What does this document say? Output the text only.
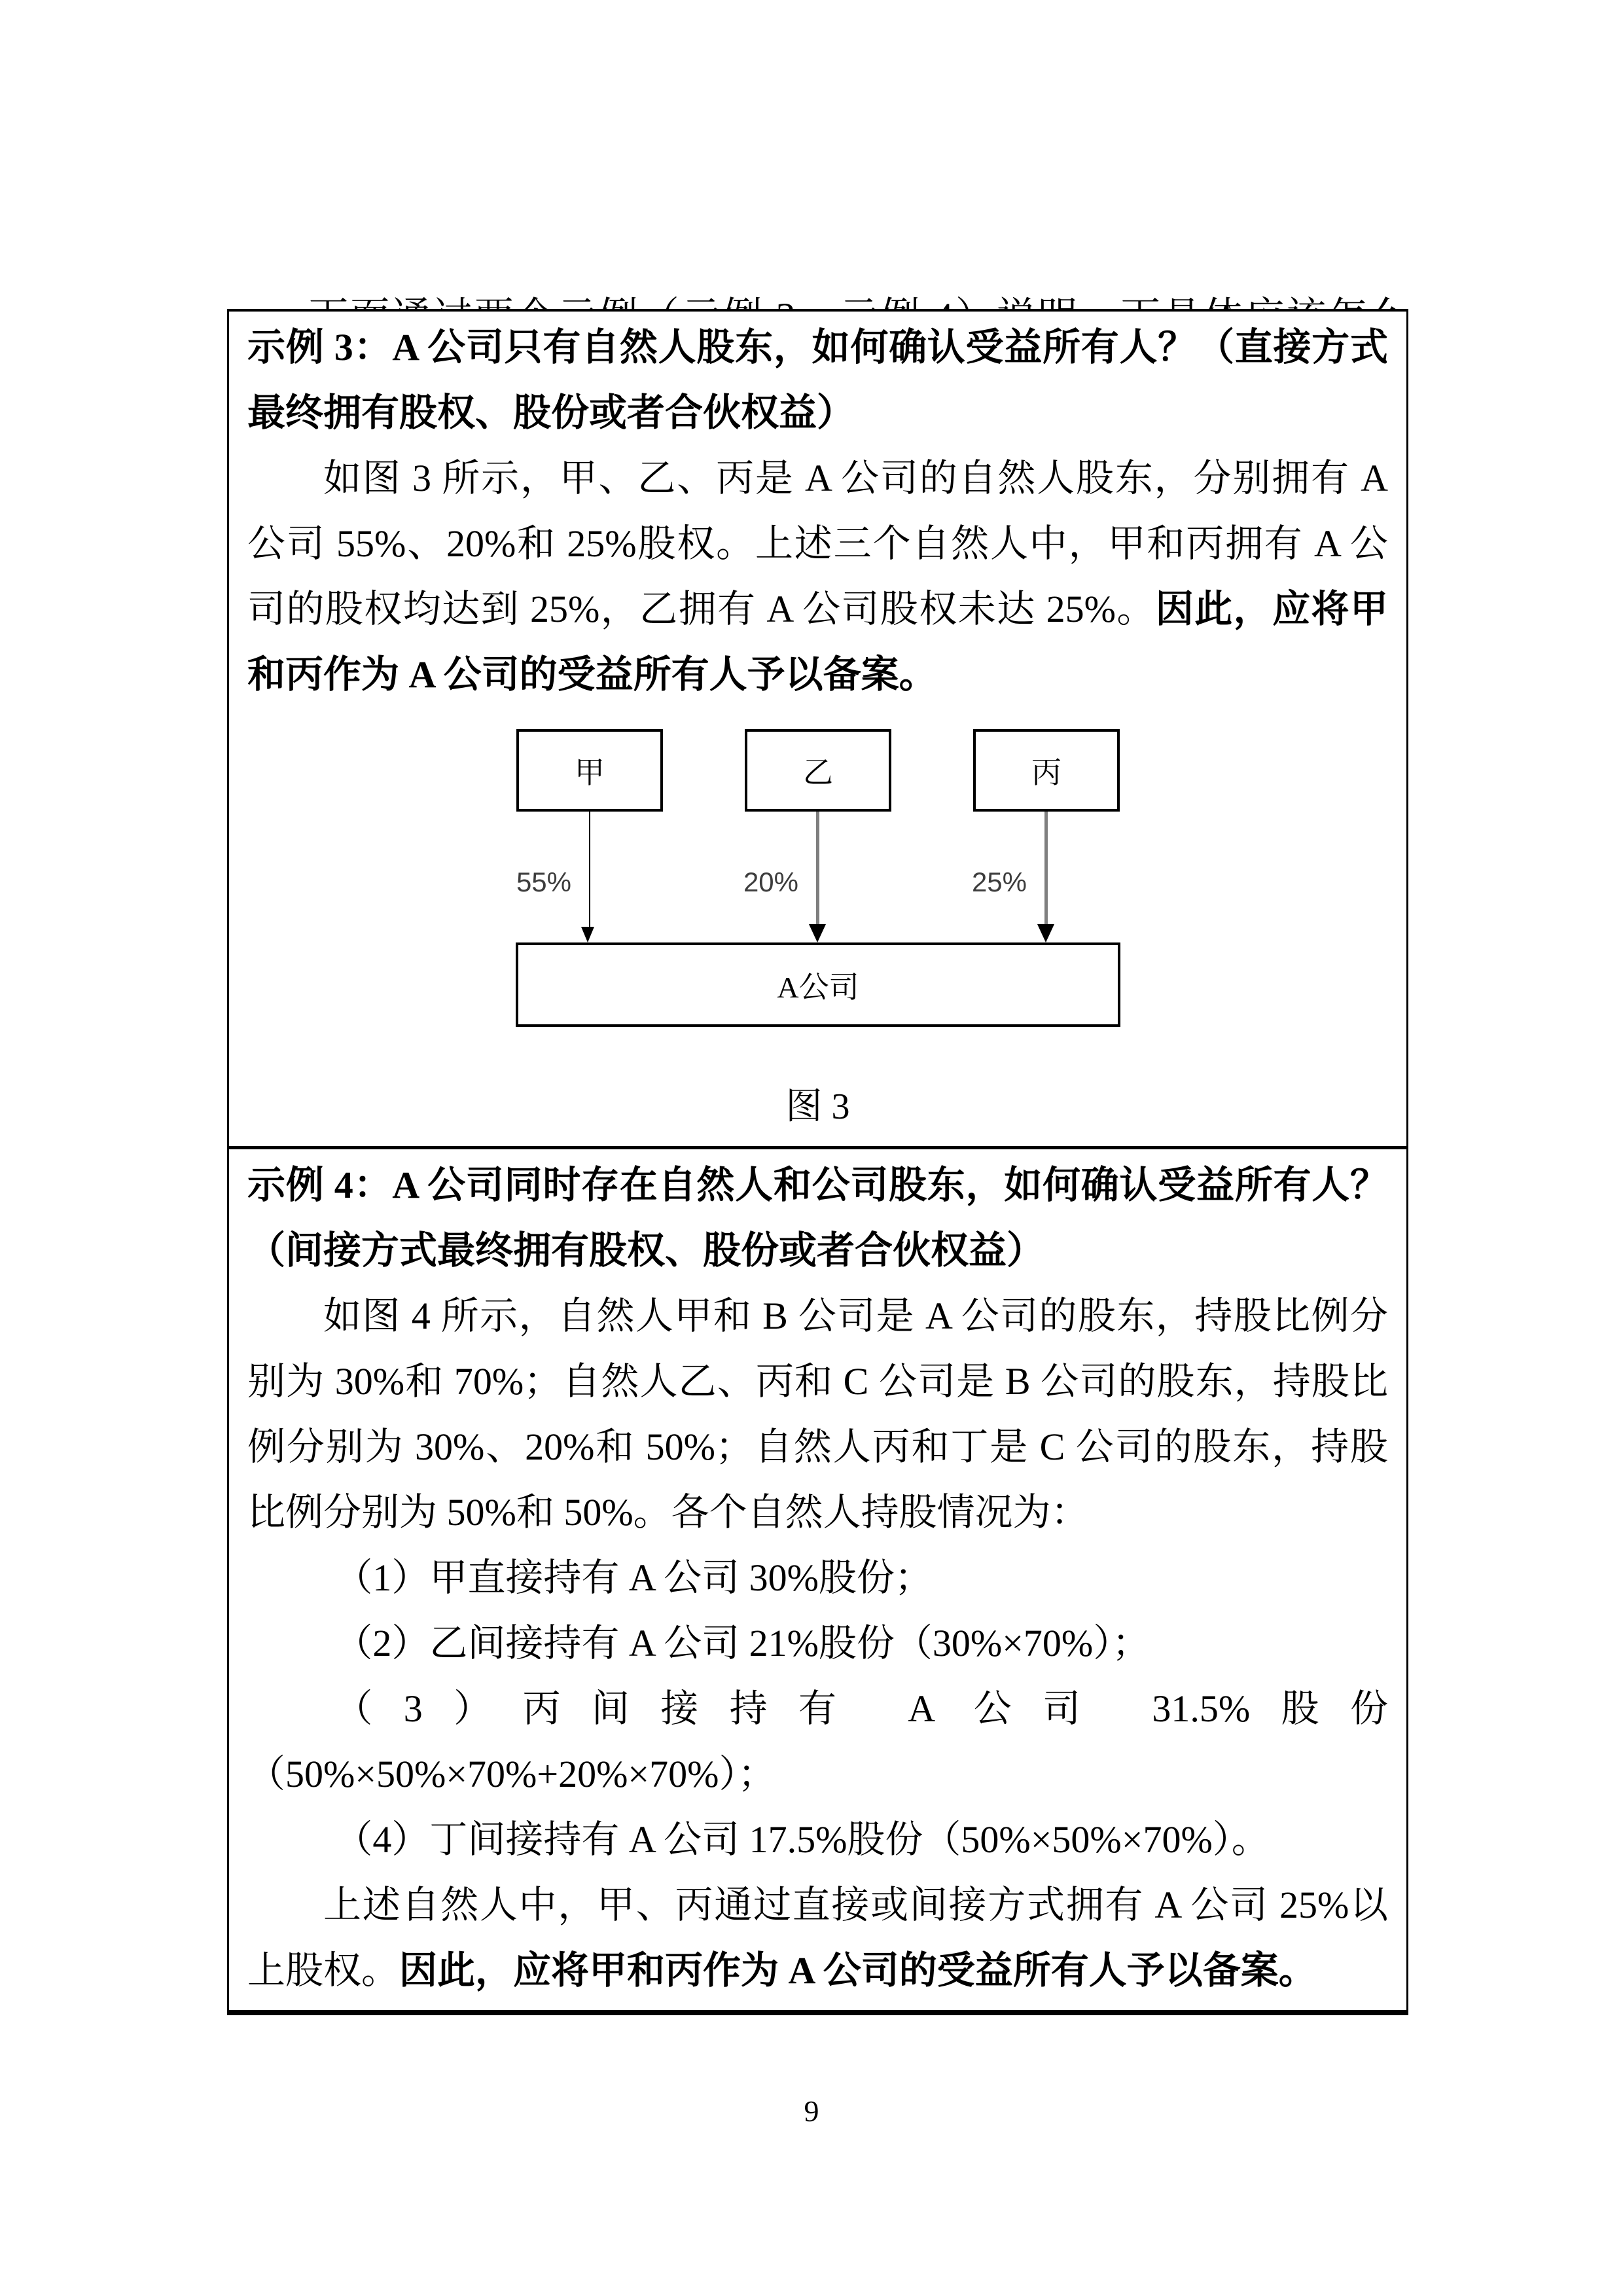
示例 3：A 公司只有自然人股东，如何确认受益所有人？（直接方式最终拥有股权、股份或者合伙权益）
如图 3 所示，甲、乙、丙是 A 公司的自然人股东，分别拥有 A 公司 55%、20%和 25%股权。上述三个自然人中，甲和丙拥有 A 公司的股权均达到 25%，乙拥有 A 公司股权未达 25%。因此，应将甲和丙作为 A 公司的受益所有人予以备案。
甲	乙	丙
55%	20%	25%
A公司
图 3
示例 4：A 公司同时存在自然人和公司股东，如何确认受益所有人？（间接方式最终拥有股权、股份或者合伙权益）
如图 4 所示，自然人甲和 B 公司是 A 公司的股东，持股比例分别为 30%和 70%；自然人乙、丙和 C 公司是 B 公司的股东，持股比例分别为 30%、20%和 50%；自然人丙和丁是 C 公司的股东，持股比例分别为 50%和 50%。各个自然人持股情况为：
（1）甲直接持有 A 公司 30%股份；
（2）乙间接持有 A 公司 21%股份（30%×70%）；
（3）丙间接持有 A 公司 31.5%股份（50%×50%×70%+20%×70%）；
（4）丁间接持有 A 公司 17.5%股份（50%×50%×70%）。
上述自然人中，甲、丙通过直接或间接方式拥有 A 公司 25%以上股权。因此，应将甲和丙作为 A 公司的受益所有人予以备案。
9
